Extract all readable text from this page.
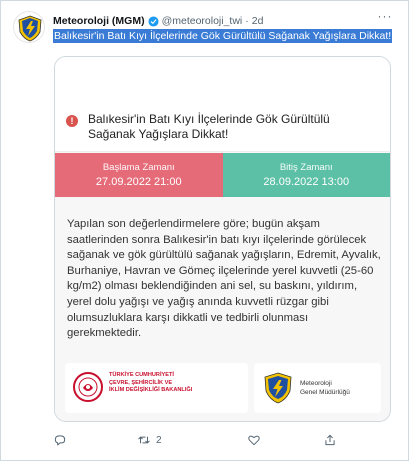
Meteoroloji (MGM) @meteoroloji_twi · 2d	···
Balıkesir'in Batı Kıyı İlçelerinde Gök Gürültülü Sağanak Yağışlara Dikkat!
!	Balıkesir'in Batı Kıyı İlçelerinde Gök Gürültülü Sağanak Yağışlara Dikkat!
Başlama Zamanı
27.09.2022 21:00
Bitiş Zamanı
28.09.2022 13:00
Yapılan son değerlendirmelere göre; bugün akşam saatlerinden sonra Balıkesir'in batı kıyı ilçelerinde görülecek sağanak ve gök gürültülü sağanak yağışların, Edremit, Ayvalık, Burhaniye, Havran ve Gömeç ilçelerinde yerel kuvvetli (25-60 kg/m2) olması beklendiğinden ani sel, su baskını, yıldırım, yerel dolu yağışı ve yağış anında kuvvetli rüzgar gibi olumsuzluklara karşı dikkatli ve tedbirli olunması gerekmektedir.
TÜRKİYE CUMHURİYETİ
ÇEVRE, ŞEHİRCİLİK VE
İKLİM DEĞİŞİKLİĞİ BAKANLIĞI
Meteoroloji
Genel Müdürlüğü
2
